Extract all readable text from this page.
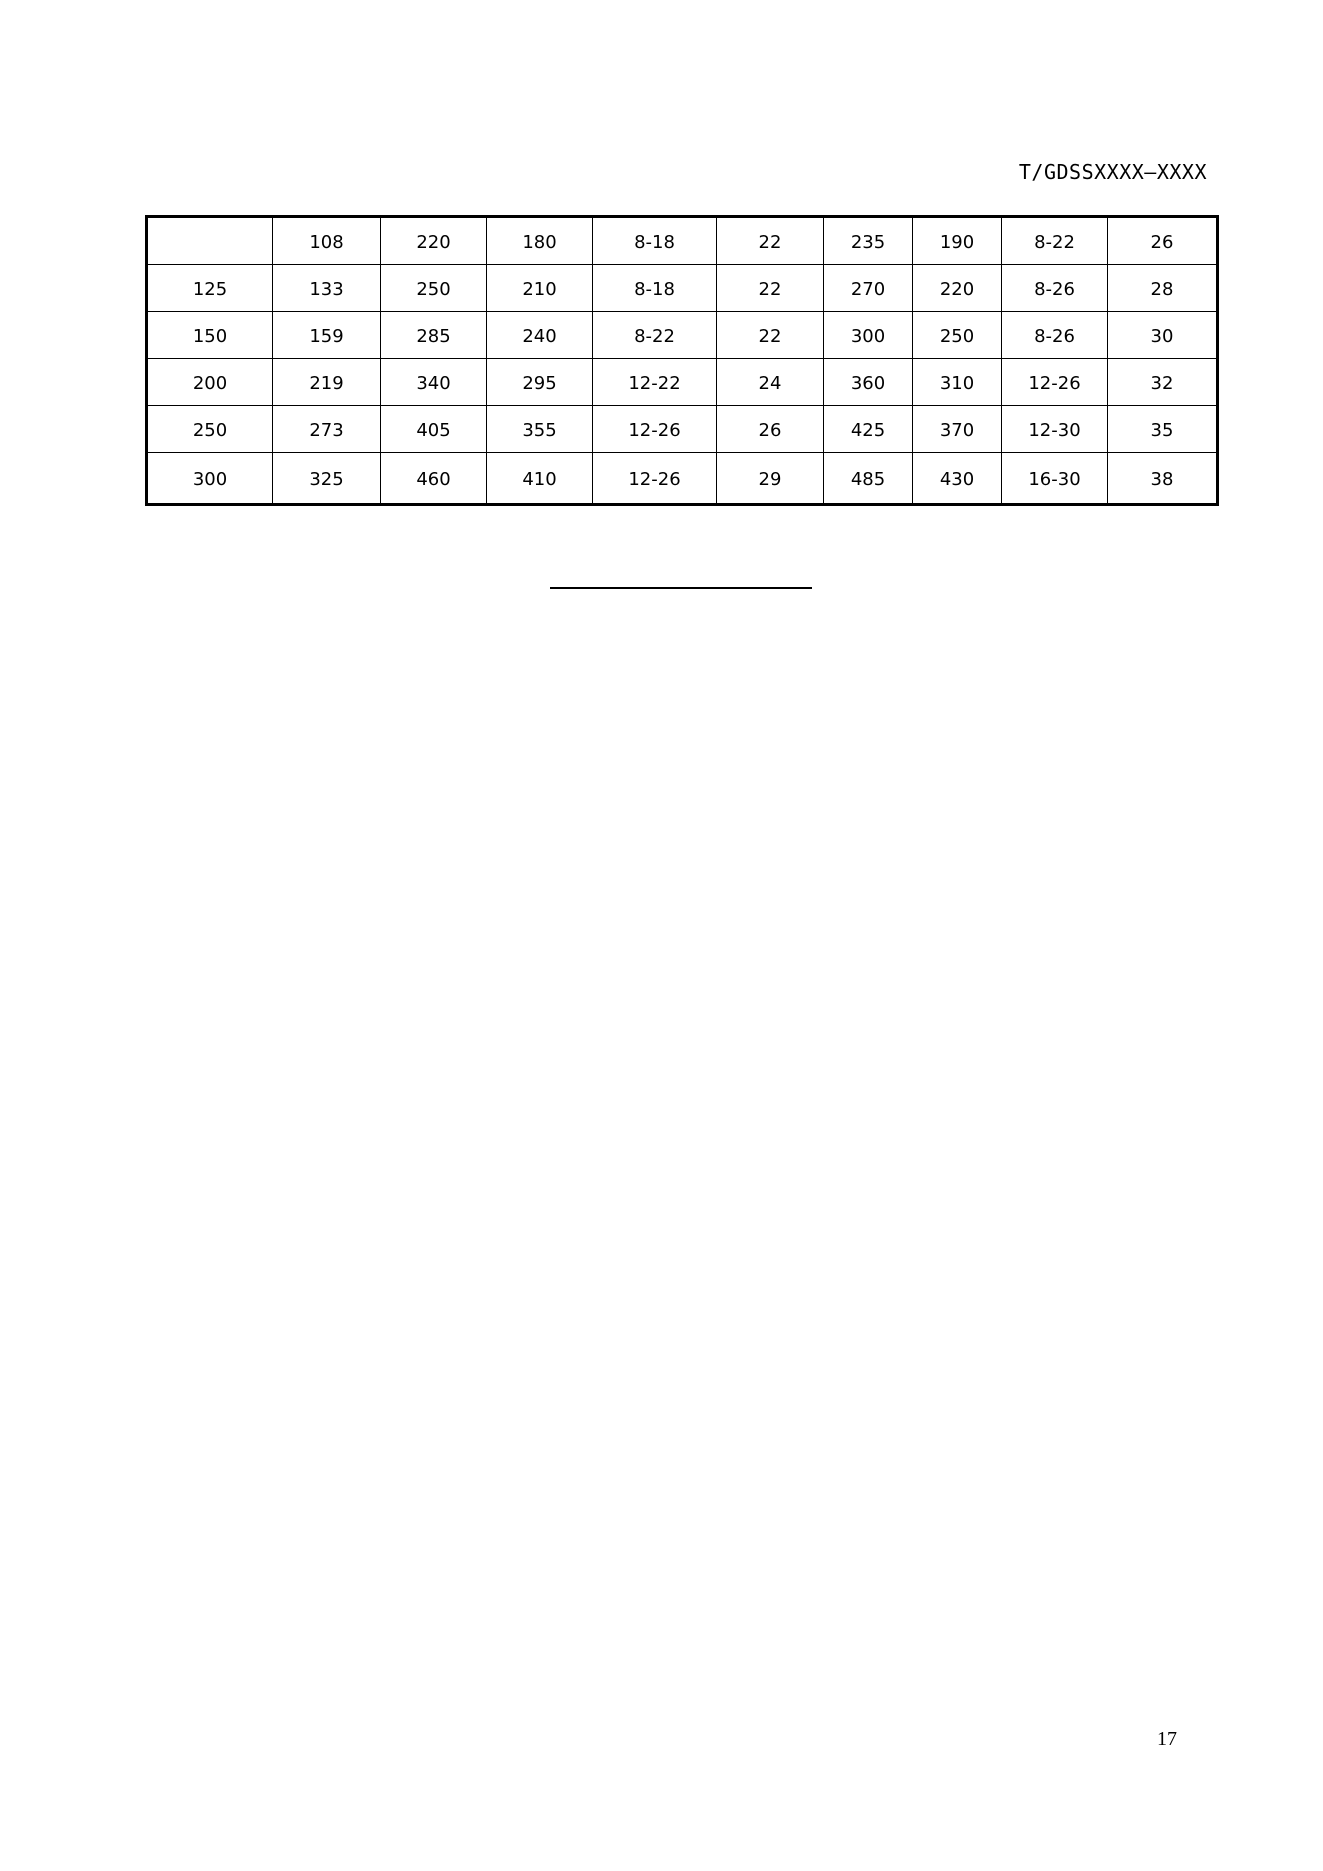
T/GDSSXXXX—XXXX
	108	220	180	8-18	22	235	190	8-22	26
125	133	250	210	8-18	22	270	220	8-26	28
150	159	285	240	8-22	22	300	250	8-26	30
200	219	340	295	12-22	24	360	310	12-26	32
250	273	405	355	12-26	26	425	370	12-30	35
300	325	460	410	12-26	29	485	430	16-30	38
17
